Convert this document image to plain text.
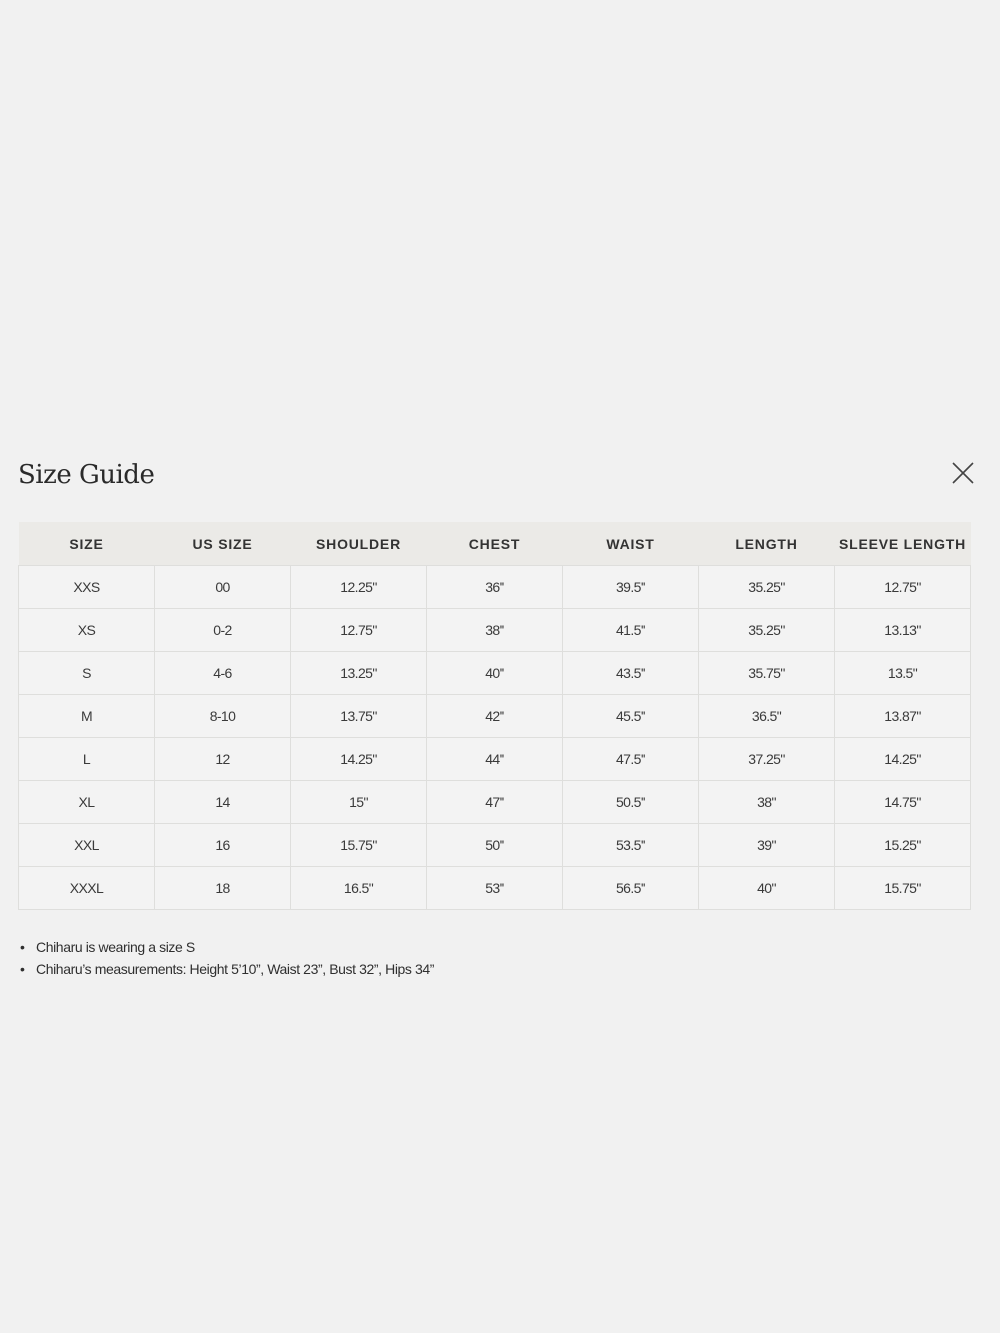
Size Guide
SIZE	US SIZE	SHOULDER	CHEST	WAIST	LENGTH	SLEEVE LENGTH
XXS	00	12.25"	36''	39.5''	35.25"	12.75"
XS	0-2	12.75"	38''	41.5''	35.25"	13.13"
S	4-6	13.25"	40''	43.5''	35.75"	13.5"
M	8-10	13.75"	42''	45.5''	36.5"	13.87"
L	12	14.25"	44''	47.5''	37.25"	14.25"
XL	14	15"	47''	50.5''	38"	14.75"
XXL	16	15.75"	50''	53.5''	39"	15.25"
XXXL	18	16.5"	53''	56.5''	40"	15.75"
• Chiharu is wearing a size S
• Chiharu’s measurements: Height 5’10”, Waist 23”, Bust 32”, Hips 34”
